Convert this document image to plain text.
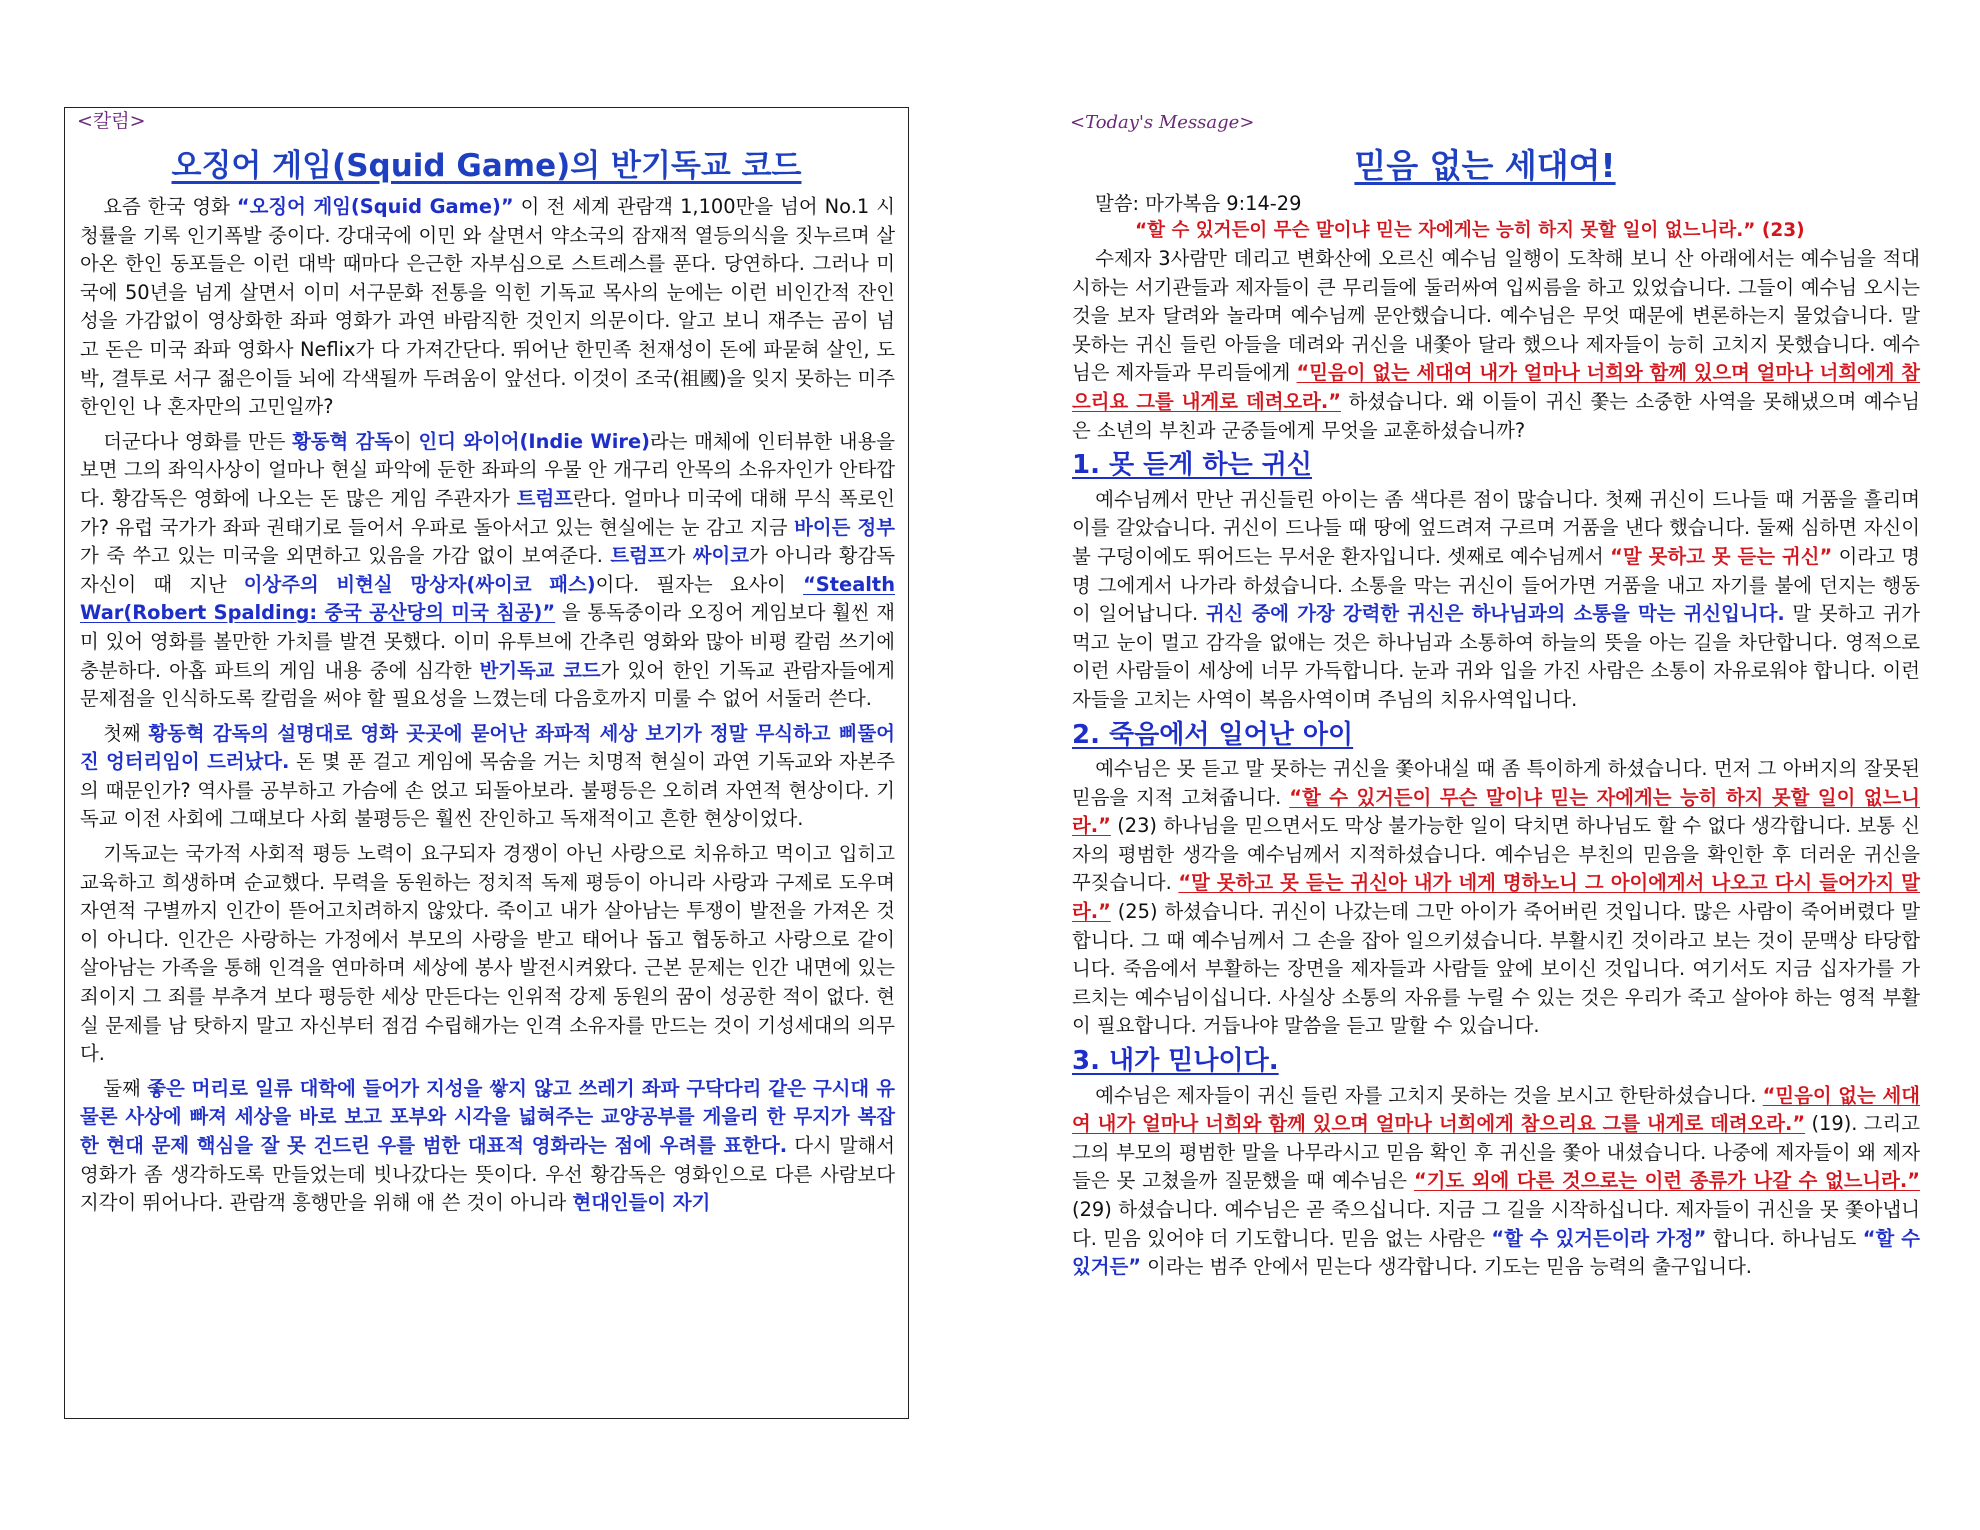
<칼럼>
오징어 게임(Squid Game)의 반기독교 코드

요즘 한국 영화 “오징어 게임(Squid Game)” 이 전 세계 관람객 1,100만을 넘어 No.1 시청률을 기록 인기폭발 중이다. 강대국에 이민 와 살면서 약소국의 잠재적 열등의식을 짓누르며 살아온 한인 동포들은 이런 대박 때마다 은근한 자부심으로 스트레스를 푼다. 당연하다. 그러나 미국에 50년을 넘게 살면서 이미 서구문화 전통을 익힌 기독교 목사의 눈에는 이런 비인간적 잔인성을 가감없이 영상화한 좌파 영화가 과연 바람직한 것인지 의문이다. 알고 보니 재주는 곰이 넘고 돈은 미국 좌파 영화사 Neflix가 다 가져간단다. 뛰어난 한민족 천재성이 돈에 파묻혀 살인, 도박, 결투로 서구 젊은이들 뇌에 각색될까 두려움이 앞선다. 이것이 조국(祖國)을 잊지 못하는 미주 한인인 나 혼자만의 고민일까?

더군다나 영화를 만든 황동혁 감독이 인디 와이어(Indie Wire)라는 매체에 인터뷰한 내용을 보면 그의 좌익사상이 얼마나 현실 파악에 둔한 좌파의 우물 안 개구리 안목의 소유자인가 안타깝다. 황감독은 영화에 나오는 돈 많은 게임 주관자가 트럼프란다. 얼마나 미국에 대해 무식 폭로인가? 유럽 국가가 좌파 권태기로 들어서 우파로 돌아서고 있는 현실에는 눈 감고 지금 바이든 정부가 죽 쑤고 있는 미국을 외면하고 있음을 가감 없이 보여준다. 트럼프가 싸이코가 아니라 황감독 자신이 때 지난 이상주의 비현실 망상자(싸이코 패스)이다. 필자는 요사이 “Stealth War(Robert Spalding: 중국 공산당의 미국 침공)” 을 통독중이라 오징어 게임보다 훨씬 재미 있어 영화를 볼만한 가치를 발견 못했다. 이미 유투브에 간추린 영화와 많아 비평 칼럼 쓰기에 충분하다. 아홉 파트의 게임 내용 중에 심각한 반기독교 코드가 있어 한인 기독교 관람자들에게 문제점을 인식하도록 칼럼을 써야 할 필요성을 느꼈는데 다음호까지 미룰 수 없어 서둘러 쓴다.

첫째 황동혁 감독의 설명대로 영화 곳곳에 묻어난 좌파적 세상 보기가 정말 무식하고 삐뚤어진 엉터리임이 드러났다. 돈 몇 푼 걸고 게임에 목숨을 거는 치명적 현실이 과연 기독교와 자본주의 때문인가? 역사를 공부하고 가슴에 손 얹고 되돌아보라. 불평등은 오히려 자연적 현상이다. 기독교 이전 사회에 그때보다 사회 불평등은 훨씬 잔인하고 독재적이고 흔한 현상이었다.

기독교는 국가적 사회적 평등 노력이 요구되자 경쟁이 아닌 사랑으로 치유하고 먹이고 입히고 교육하고 희생하며 순교했다. 무력을 동원하는 정치적 독제 평등이 아니라 사랑과 구제로 도우며 자연적 구별까지 인간이 뜯어고치려하지 않았다. 죽이고 내가 살아남는 투쟁이 발전을 가져온 것이 아니다. 인간은 사랑하는 가정에서 부모의 사랑을 받고 태어나 돕고 협동하고 사랑으로 같이 살아남는 가족을 통해 인격을 연마하며 세상에 봉사 발전시켜왔다. 근본 문제는 인간 내면에 있는 죄이지 그 죄를 부추겨 보다 평등한 세상 만든다는 인위적 강제 동원의 꿈이 성공한 적이 없다. 현실 문제를 남 탓하지 말고 자신부터 점검 수립해가는 인격 소유자를 만드는 것이 기성세대의 의무다.

둘째 좋은 머리로 일류 대학에 들어가 지성을 쌓지 않고 쓰레기 좌파 구닥다리 같은 구시대 유물론 사상에 빠져 세상을 바로 보고 포부와 시각을 넓혀주는 교양공부를 게을리 한 무지가 복잡한 현대 문제 핵심을 잘 못 건드린 우를 범한 대표적 영화라는 점에 우려를 표한다. 다시 말해서 영화가 좀 생각하도록 만들었는데 빗나갔다는 뜻이다. 우선 황감독은 영화인으로 다른 사람보다 지각이 뛰어나다. 관람객 흥행만을 위해 애 쓴 것이 아니라 현대인들이 자기

<Today's Message>
믿음 없는 세대여!
말씀: 마가복음 9:14-29
“할 수 있거든이 무슨 말이냐 믿는 자에게는 능히 하지 못할 일이 없느니라.” (23)

수제자 3사람만 데리고 변화산에 오르신 예수님 일행이 도착해 보니 산 아래에서는 예수님을 적대시하는 서기관들과 제자들이 큰 무리들에 둘러싸여 입씨름을 하고 있었습니다. 그들이 예수님 오시는 것을 보자 달려와 놀라며 예수님께 문안했습니다. 예수님은 무엇 때문에 변론하는지 물었습니다. 말 못하는 귀신 들린 아들을 데려와 귀신을 내쫓아 달라 했으나 제자들이 능히 고치지 못했습니다. 예수님은 제자들과 무리들에게 “믿음이 없는 세대여 내가 얼마나 너희와 함께 있으며 얼마나 너희에게 참으리요 그를 내게로 데려오라.” 하셨습니다. 왜 이들이 귀신 쫓는 소중한 사역을 못해냈으며 예수님은 소년의 부친과 군중들에게 무엇을 교훈하셨습니까?

1. 못 듣게 하는 귀신

예수님께서 만난 귀신들린 아이는 좀 색다른 점이 많습니다. 첫째 귀신이 드나들 때 거품을 흘리며 이를 갈았습니다. 귀신이 드나들 때 땅에 엎드려져 구르며 거품을 낸다 했습니다. 둘째 심하면 자신이 불 구덩이에도 뛰어드는 무서운 환자입니다. 셋째로 예수님께서 “말 못하고 못 듣는 귀신” 이라고 명명 그에게서 나가라 하셨습니다. 소통을 막는 귀신이 들어가면 거품을 내고 자기를 불에 던지는 행동이 일어납니다. 귀신 중에 가장 강력한 귀신은 하나님과의 소통을 막는 귀신입니다. 말 못하고 귀가 먹고 눈이 멀고 감각을 없애는 것은 하나님과 소통하여 하늘의 뜻을 아는 길을 차단합니다. 영적으로 이런 사람들이 세상에 너무 가득합니다. 눈과 귀와 입을 가진 사람은 소통이 자유로워야 합니다. 이런 자들을 고치는 사역이 복음사역이며 주님의 치유사역입니다.

2. 죽음에서 일어난 아이

예수님은 못 듣고 말 못하는 귀신을 쫓아내실 때 좀 특이하게 하셨습니다. 먼저 그 아버지의 잘못된 믿음을 지적 고쳐줍니다. “할 수 있거든이 무슨 말이냐 믿는 자에게는 능히 하지 못할 일이 없느니라.” (23) 하나님을 믿으면서도 막상 불가능한 일이 닥치면 하나님도 할 수 없다 생각합니다. 보통 신자의 평범한 생각을 예수님께서 지적하셨습니다. 예수님은 부친의 믿음을 확인한 후 더러운 귀신을 꾸짖습니다. “말 못하고 못 듣는 귀신아 내가 네게 명하노니 그 아이에게서 나오고 다시 들어가지 말라.” (25) 하셨습니다. 귀신이 나갔는데 그만 아이가 죽어버린 것입니다. 많은 사람이 죽어버렸다 말합니다. 그 때 예수님께서 그 손을 잡아 일으키셨습니다. 부활시킨 것이라고 보는 것이 문맥상 타당합니다. 죽음에서 부활하는 장면을 제자들과 사람들 앞에 보이신 것입니다. 여기서도 지금 십자가를 가르치는 예수님이십니다. 사실상 소통의 자유를 누릴 수 있는 것은 우리가 죽고 살아야 하는 영적 부활이 필요합니다. 거듭나야 말씀을 듣고 말할 수 있습니다.

3. 내가 믿나이다.

예수님은 제자들이 귀신 들린 자를 고치지 못하는 것을 보시고 한탄하셨습니다. “믿음이 없는 세대여 내가 얼마나 너희와 함께 있으며 얼마나 너희에게 참으리요 그를 내게로 데려오라.” (19). 그리고 그의 부모의 평범한 말을 나무라시고 믿음 확인 후 귀신을 쫓아 내셨습니다. 나중에 제자들이 왜 제자들은 못 고쳤을까 질문했을 때 예수님은 “기도 외에 다른 것으로는 이런 종류가 나갈 수 없느니라.” (29) 하셨습니다. 예수님은 곧 죽으십니다. 지금 그 길을 시작하십니다. 제자들이 귀신을 못 쫓아냅니다. 믿음 있어야 더 기도합니다. 믿음 없는 사람은 “할 수 있거든이라 가정” 합니다. 하나님도 “할 수 있거든” 이라는 범주 안에서 믿는다 생각합니다. 기도는 믿음 능력의 출구입니다.
